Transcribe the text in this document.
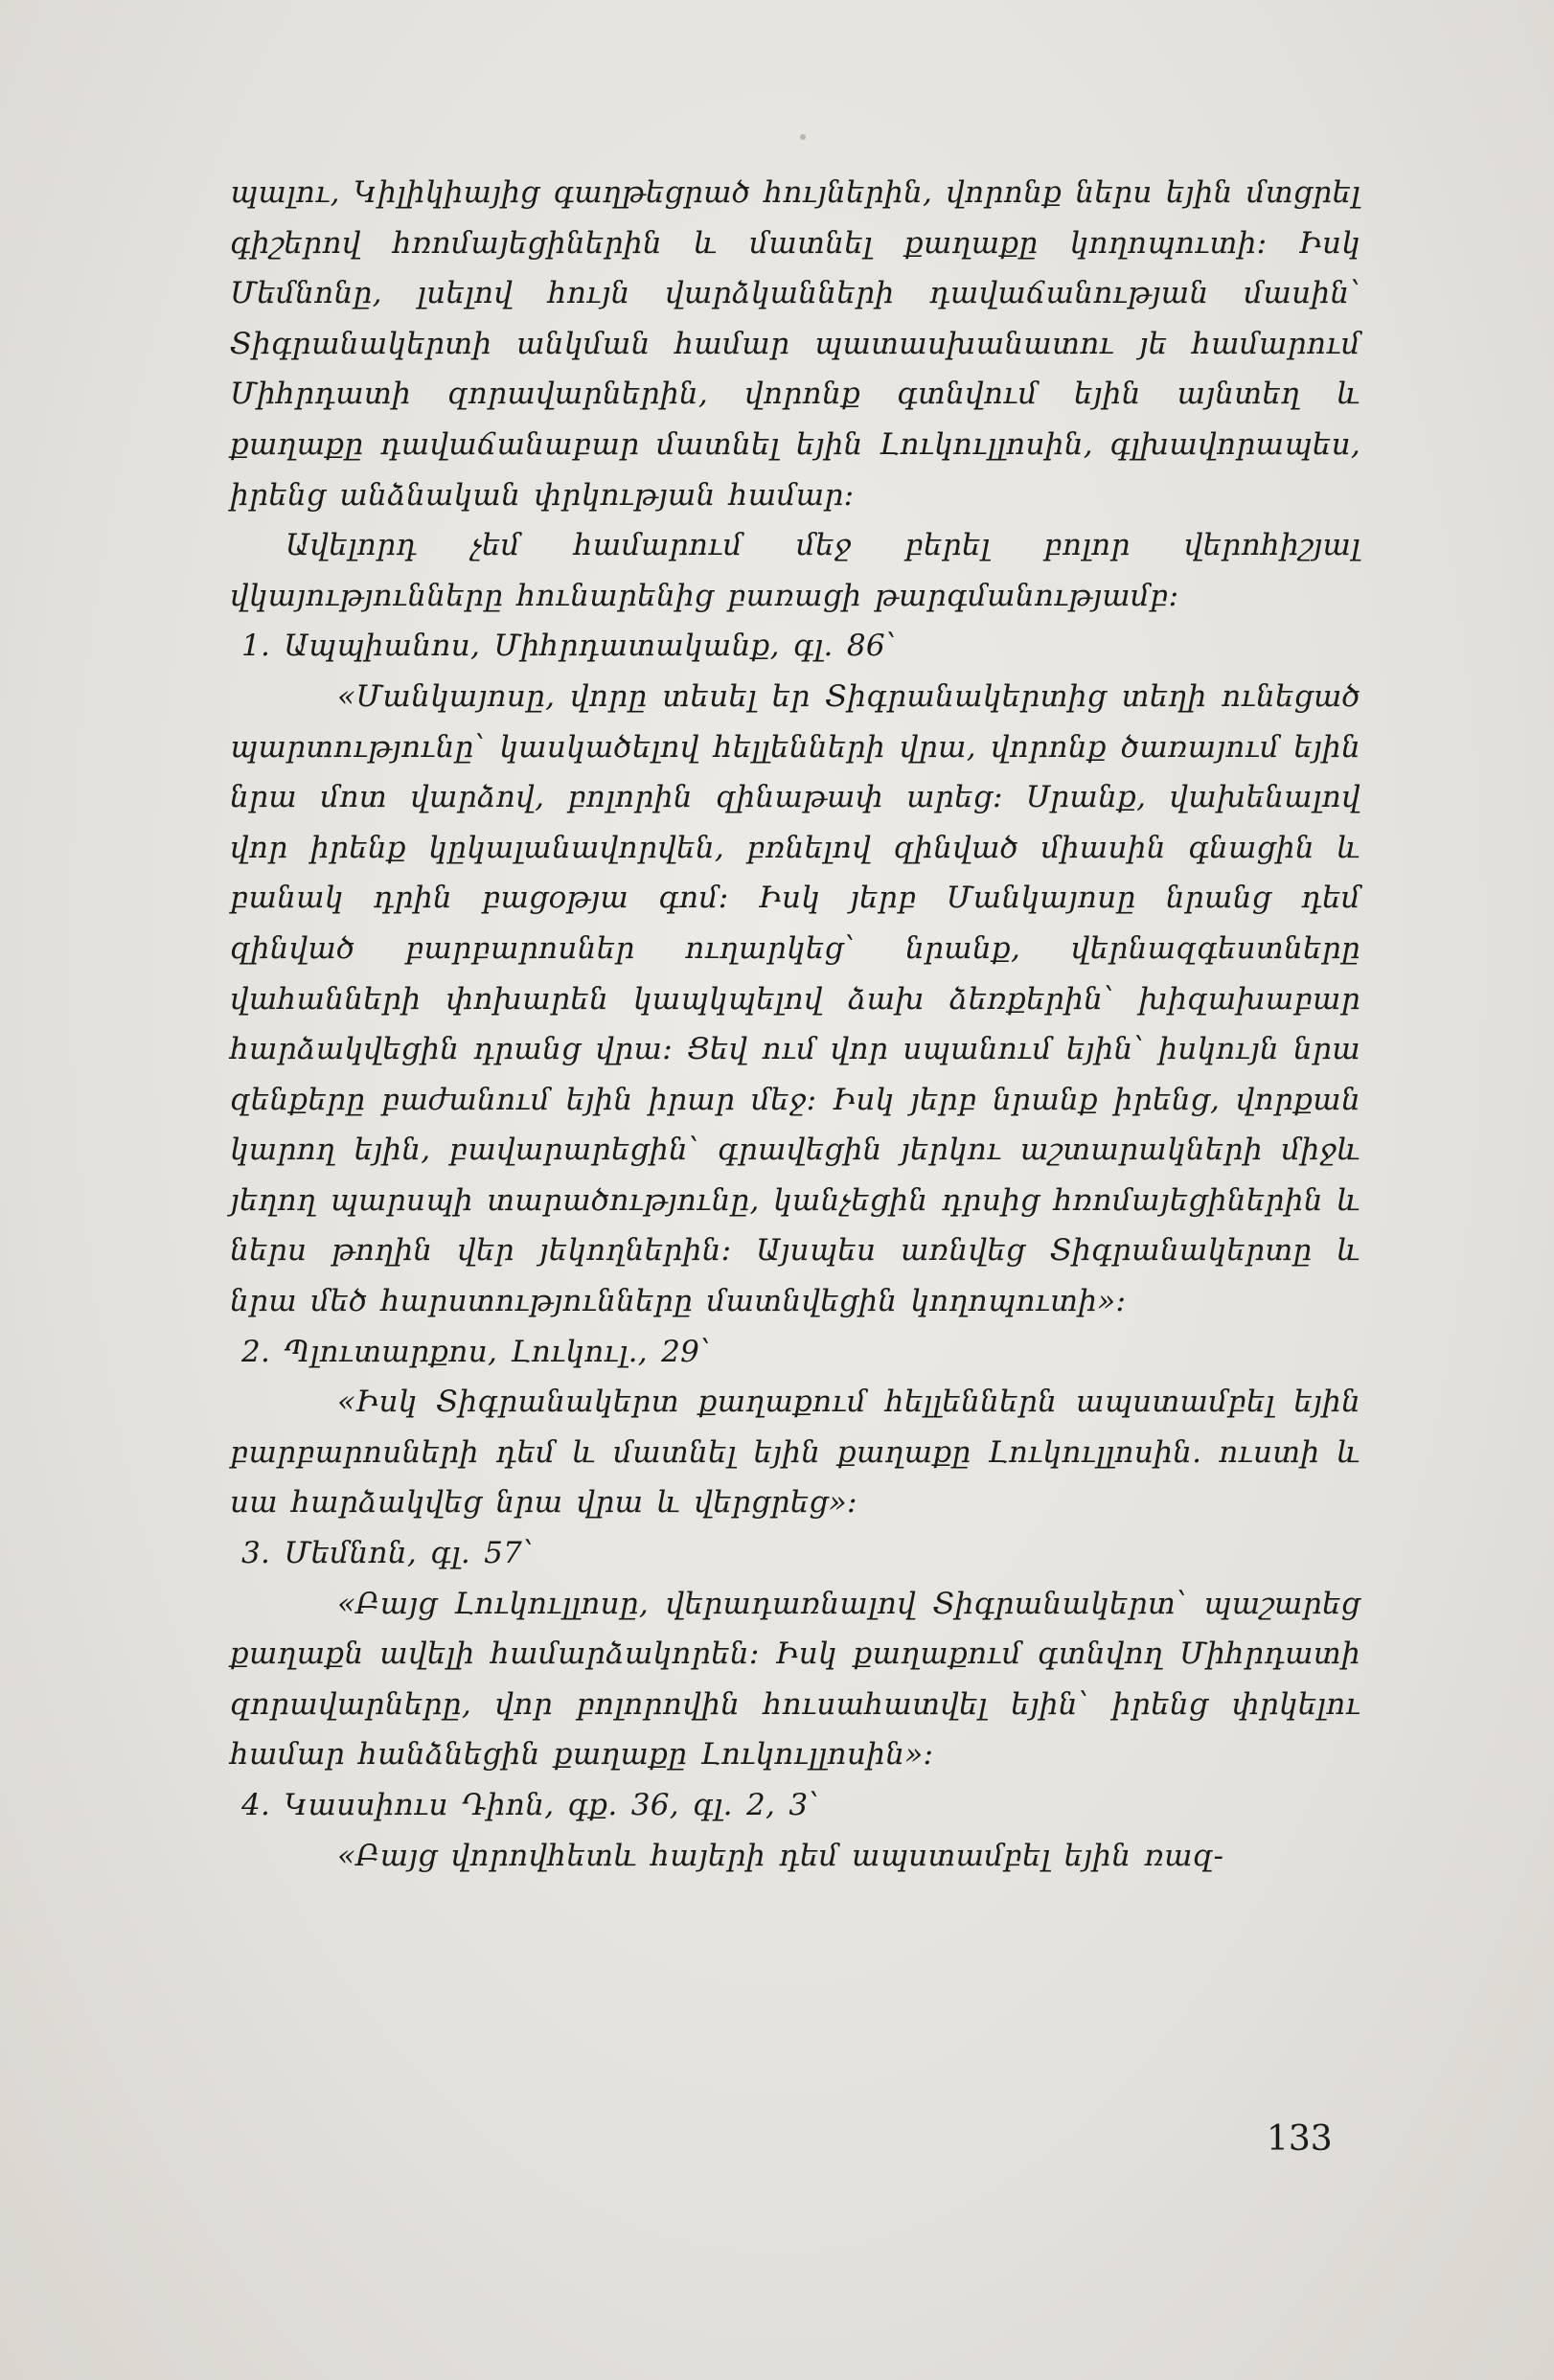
պալու, Կիլիկիայից գաղթեցրած հույներին, վորոնք ներս եյին մտցրել գիշերով հռոմայեցիներին և մատնել քաղաքը կողոպուտի։ Իսկ Մեմնոնը, լսելով հույն վարձկանների դավաճանության մասին՝ Տիգրանակերտի անկման համար պատասխանատու յե համարում Միհրդատի զորավարներին, վորոնք գտնվում եյին այնտեղ և քաղաքը դավաճանաբար մատնել եյին Լուկուլլոսին, գլխավորապես, իրենց անձնական փրկության համար։

Ավելորդ չեմ համարում մեջ բերել բոլոր վերոհիշյալ վկայությունները հունարենից բառացի թարգմանությամբ։

1. Ապպիանոս, Միհրդատականք, գլ. 86՝

«Մանկայոսը, վորը տեսել եր Տիգրանակերտից տեղի ունեցած պարտությունը՝ կասկածելով հելլենների վրա, վորոնք ծառայում եյին նրա մոտ վարձով, բոլորին զինաթափ արեց։ Սրանք, վախենալով վոր իրենք կըկալանավորվեն, բռնելով զինված միասին գնացին և բանակ դրին բացօթյա գոմ։ Իսկ յերբ Մանկայոսը նրանց դեմ զինված բարբարոսներ ուղարկեց՝ նրանք, վերնազգեստները վահանների փոխարեն կապկպելով ձախ ձեռքերին՝ խիզախաբար հարձակվեցին դրանց վրա։ Ցեվ ում վոր սպանում եյին՝ իսկույն նրա զենքերը բաժանում եյին իրար մեջ։ Իսկ յերբ նրանք իրենց, վորքան կարող եյին, բավարարեցին՝ գրավեցին յերկու աշտարակների միջև յեղող պարսպի տարածությունը, կանչեցին դրսից հռոմայեցիներին և ներս թողին վեր յեկողներին։ Այսպես առնվեց Տիգրանակերտը և նրա մեծ հարստությունները մատնվեցին կողոպուտի»։

2. Պլուտարքոս, Լուկուլ., 29՝

«Իսկ Տիգրանակերտ քաղաքում հելլեններն ապստամբել եյին բարբարոսների դեմ և մատնել եյին քաղաքը Լուկուլլոսին. ուստի և սա հարձակվեց նրա վրա և վերցրեց»։

3. Մեմնոն, գլ. 57՝

«Բայց Լուկուլլոսը, վերադառնալով Տիգրանակերտ՝ պաշարեց քաղաքն ավելի համարձակորեն։ Իսկ քաղաքում գտնվող Միհրդատի զորավարները, վոր բոլորովին հուսահատվել եյին՝ իրենց փրկելու համար հանձնեցին քաղաքը Լուկուլլոսին»։

4. Կասսիուս Դիոն, գք. 36, գլ. 2, 3՝

«Բայց վորովհետև հայերի դեմ ապստամբել եյին ռազ-

133
